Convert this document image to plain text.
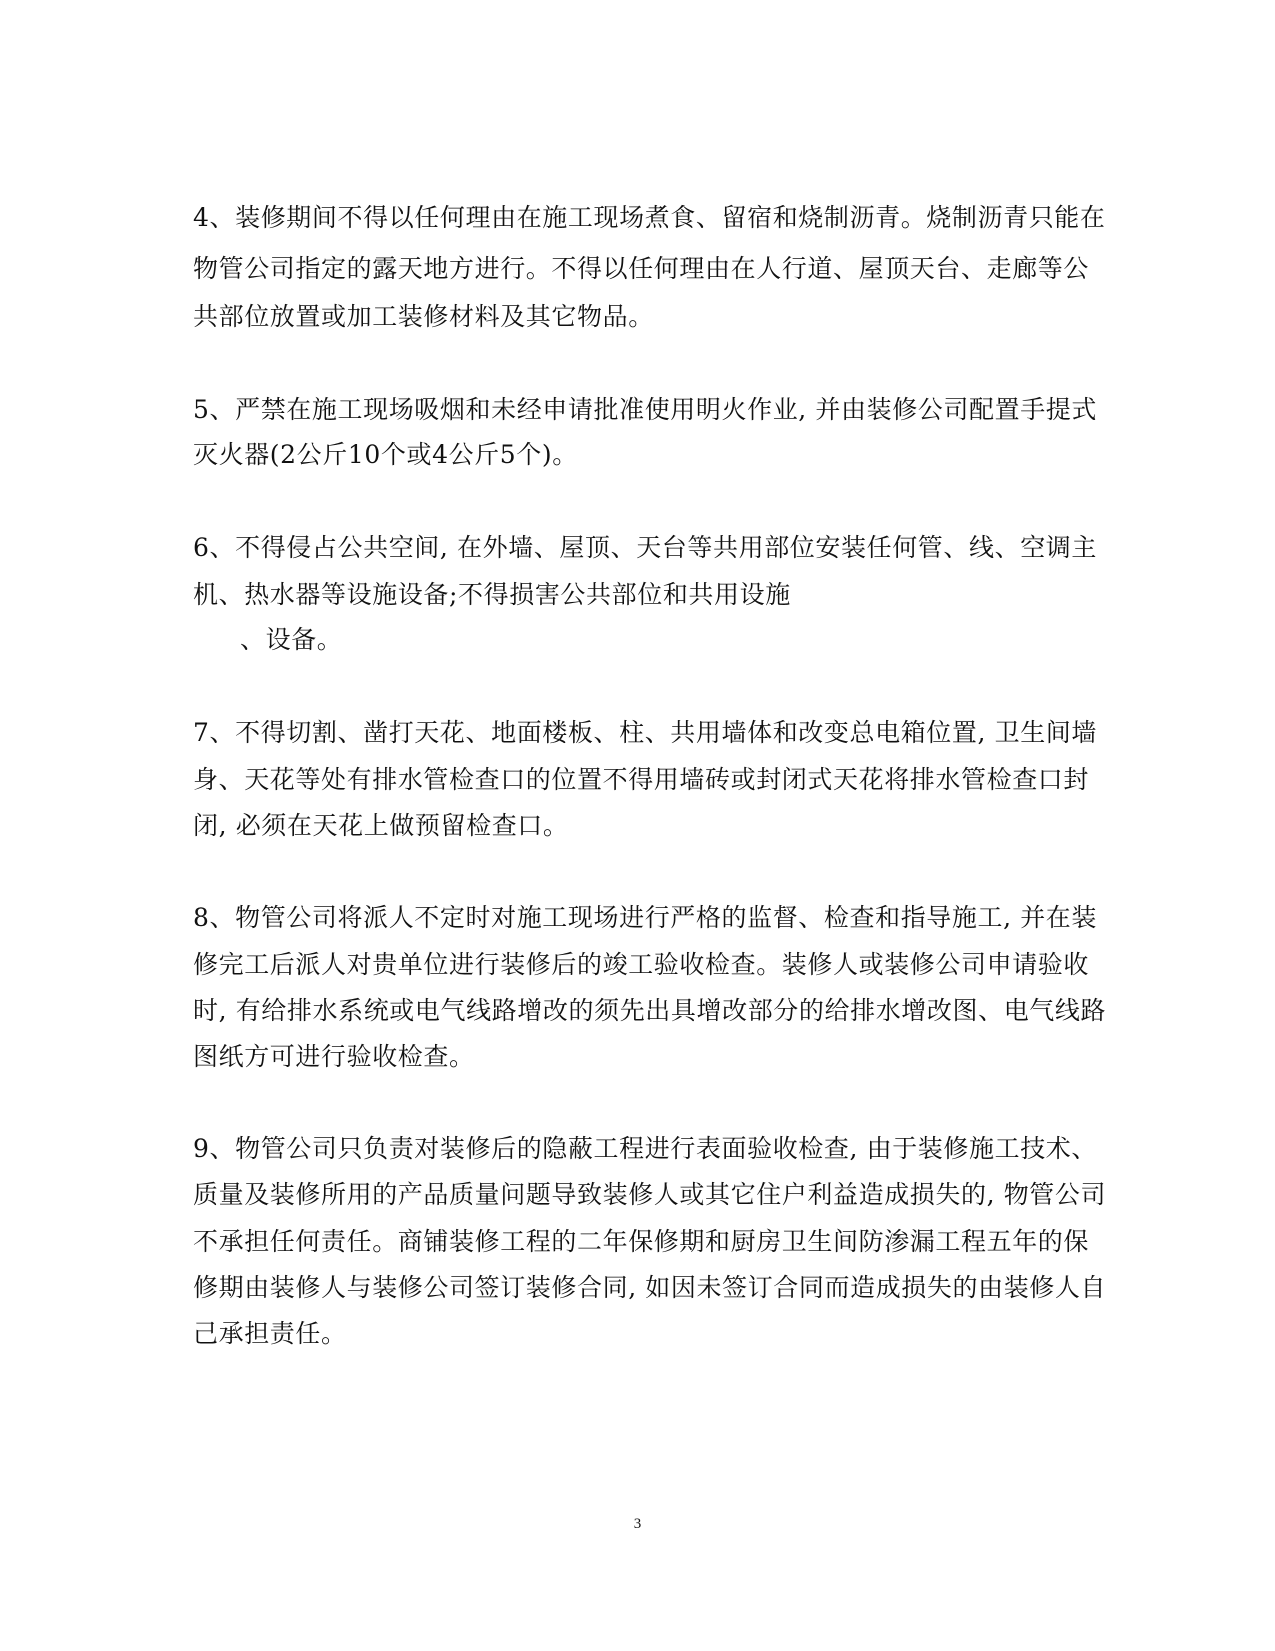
4、装修期间不得以任何理由在施工现场煮食、留宿和烧制沥青。烧制沥青只能在
物管公司指定的露天地方进行。不得以任何理由在人行道、屋顶天台、走廊等公
共部位放置或加工装修材料及其它物品。
5、严禁在施工现场吸烟和未经申请批准使用明火作业, 并由装修公司配置手提式
灭火器(2公斤10个或4公斤5个)。
6、不得侵占公共空间, 在外墙、屋顶、天台等共用部位安装任何管、线、空调主
机、热水器等设施设备;不得损害公共部位和共用设施
、设备。
7、不得切割、凿打天花、地面楼板、柱、共用墙体和改变总电箱位置, 卫生间墙
身、天花等处有排水管检查口的位置不得用墙砖或封闭式天花将排水管检查口封
闭, 必须在天花上做预留检查口。
8、物管公司将派人不定时对施工现场进行严格的监督、检查和指导施工, 并在装
修完工后派人对贵单位进行装修后的竣工验收检查。装修人或装修公司申请验收
时, 有给排水系统或电气线路增改的须先出具增改部分的给排水增改图、电气线路
图纸方可进行验收检查。
9、物管公司只负责对装修后的隐蔽工程进行表面验收检查, 由于装修施工技术、
质量及装修所用的产品质量问题导致装修人或其它住户利益造成损失的, 物管公司
不承担任何责任。商铺装修工程的二年保修期和厨房卫生间防渗漏工程五年的保
修期由装修人与装修公司签订装修合同, 如因未签订合同而造成损失的由装修人自
己承担责任。
3
